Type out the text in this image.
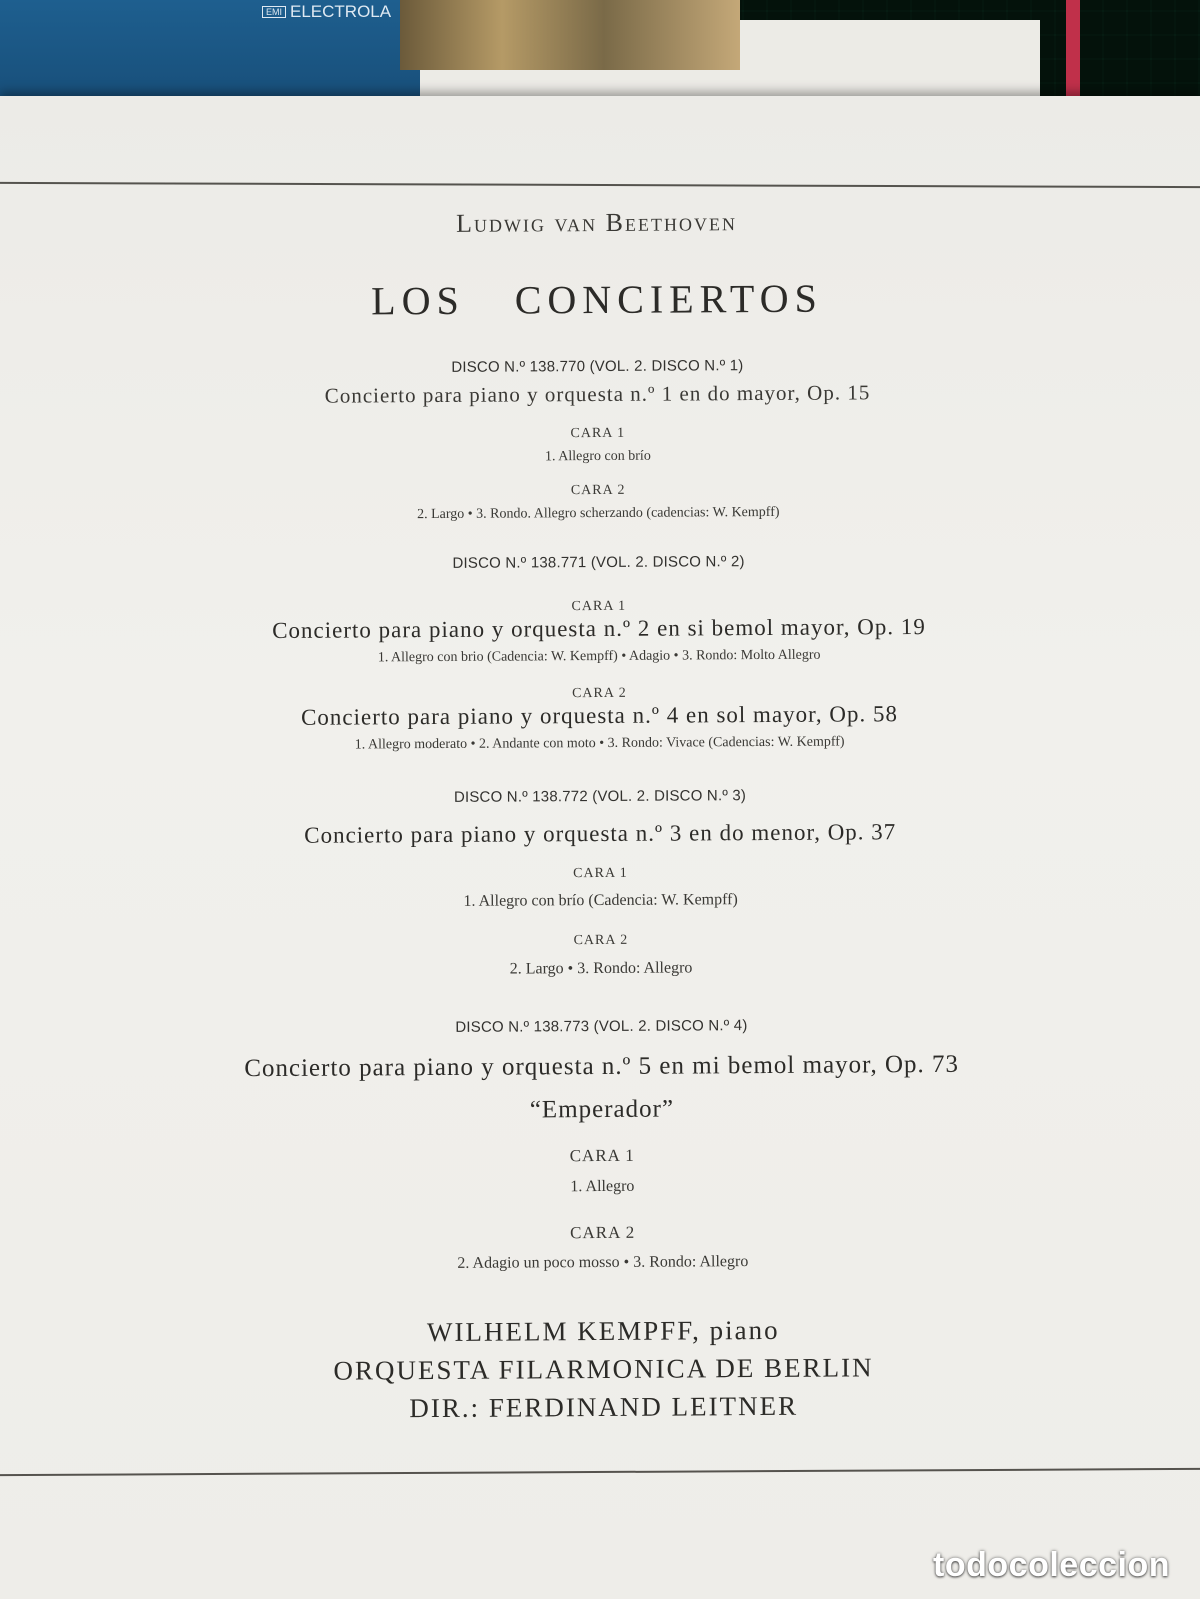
EMI ELECTROLA
Ludwig van Beethoven
LOS CONCIERTOS
DISCO N.º 138.770 (VOL. 2. DISCO N.º 1)
Concierto para piano y orquesta n.º 1 en do mayor, Op. 15
CARA 1
1. Allegro con brío
CARA 2
2. Largo • 3. Rondo. Allegro scherzando (cadencias: W. Kempff)
DISCO N.º 138.771 (VOL. 2. DISCO N.º 2)
CARA 1
Concierto para piano y orquesta n.º 2 en si bemol mayor, Op. 19
1. Allegro con brio (Cadencia: W. Kempff) • Adagio • 3. Rondo: Molto Allegro
CARA 2
Concierto para piano y orquesta n.º 4 en sol mayor, Op. 58
1. Allegro moderato • 2. Andante con moto • 3. Rondo: Vivace (Cadencias: W. Kempff)
DISCO N.º 138.772 (VOL. 2. DISCO N.º 3)
Concierto para piano y orquesta n.º 3 en do menor, Op. 37
CARA 1
1. Allegro con brío (Cadencia: W. Kempff)
CARA 2
2. Largo • 3. Rondo: Allegro
DISCO N.º 138.773 (VOL. 2. DISCO N.º 4)
Concierto para piano y orquesta n.º 5 en mi bemol mayor, Op. 73
“Emperador”
CARA 1
1. Allegro
CARA 2
2. Adagio un poco mosso • 3. Rondo: Allegro
WILHELM KEMPFF, piano
ORQUESTA FILARMONICA DE BERLIN
DIR.: FERDINAND LEITNER
todocoleccion
